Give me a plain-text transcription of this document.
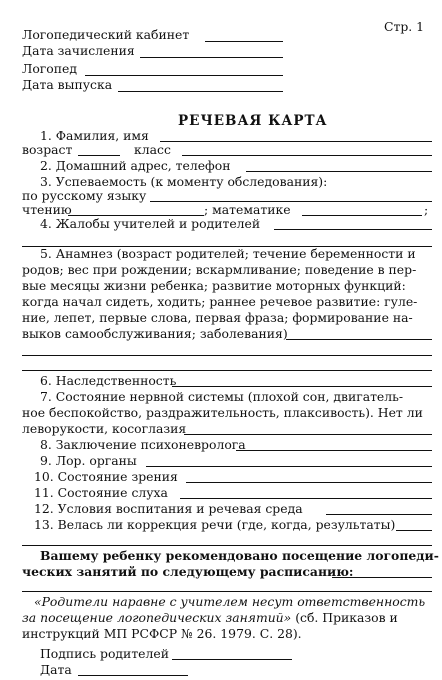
Стр. 1
Логопедический кабинет
Дата зачисления
Логопед
Дата выпуска
РЕЧЕВАЯ КАРТА
1. Фамилия, имя
возраст	класс
2. Домашний адрес, телефон
3. Успеваемость (к моменту обследования):
по русскому языку
чтению	; математике	;
4. Жалобы учителей и родителей
5. Анамнез (возраст родителей; течение беременности и
родов; вес при рождении; вскармливание; поведение в пер-
вые месяцы жизни ребенка; развитие моторных функций:
когда начал сидеть, ходить; раннее речевое развитие: гуле-
ние, лепет, первые слова, первая фраза; формирование на-
выков самообслуживания; заболевания)
6. Наследственность
7. Состояние нервной системы (плохой сон, двигатель-
ное беспокойство, раздражительность, плаксивость). Нет ли
леворукости, косоглазия
8. Заключение психоневролога
9. Лор. органы
10. Состояние зрения
11. Состояние слуха
12. Условия воспитания и речевая среда
13. Велась ли коррекция речи (где, когда, результаты)
Вашему ребенку рекомендовано посещение логопеди-
ческих занятий по следующему расписанию:
«Родители наравне с учителем несут ответственность
за посещение логопедических занятий» (сб. Приказов и
инструкций МП РСФСР № 26. 1979. С. 28).
Подпись родителей
Дата
